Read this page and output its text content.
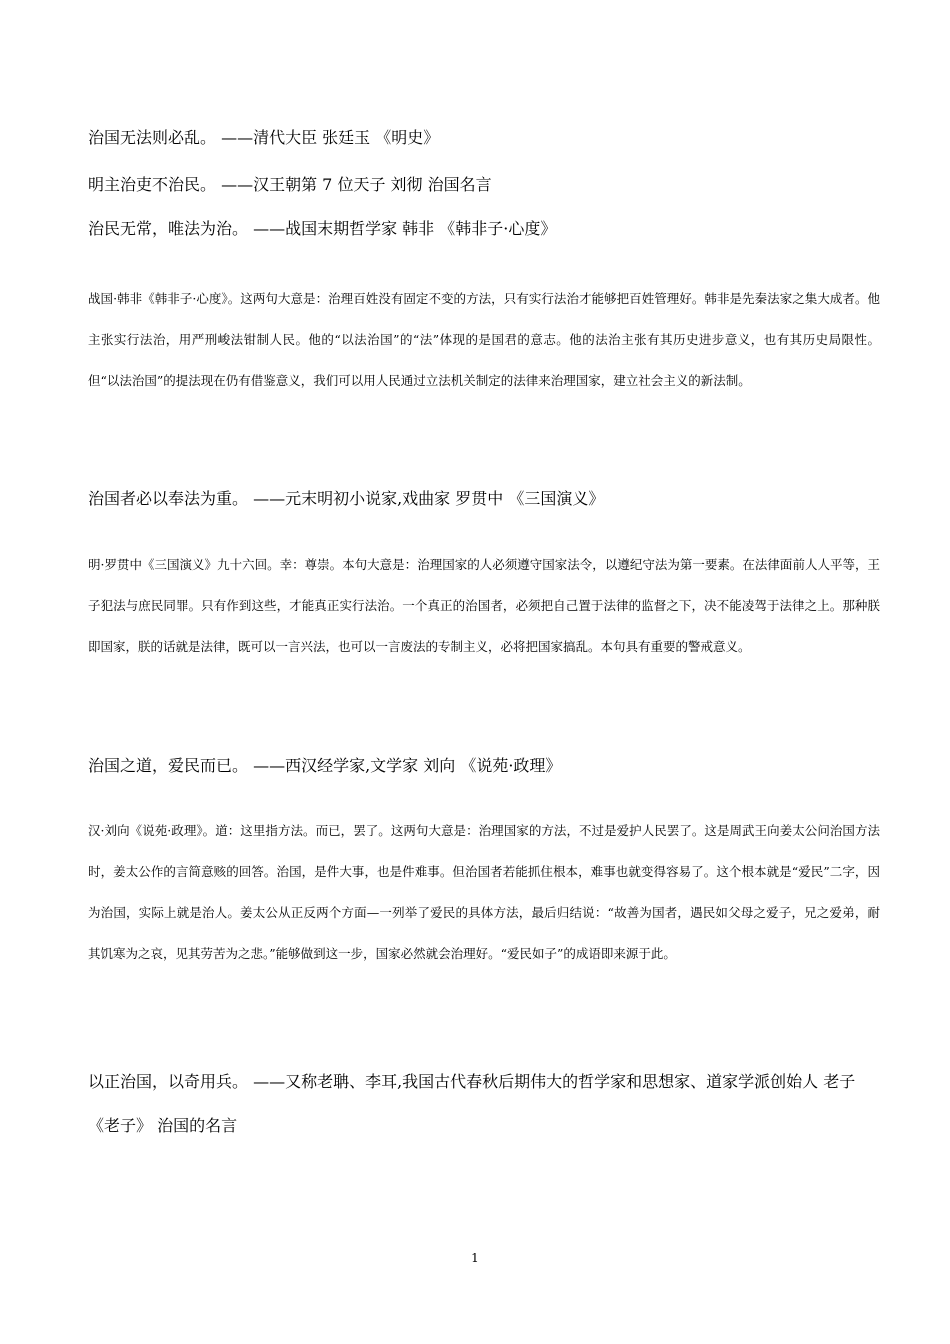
治国无法则必乱。 ——清代大臣 张廷玉 《明史》
明主治吏不治民。 ——汉王朝第 7 位天子 刘彻 治国名言
治民无常，唯法为治。 ——战国末期哲学家 韩非 《韩非子·心度》
战国·韩非《韩非子·心度》。这两句大意是：治理百姓没有固定不变的方法，只有实行法治才能够把百姓管理好。韩非是先秦法家之集大成者。他主张实行法治，用严刑峻法钳制人民。他的“以法治国”的“法”体现的是国君的意志。他的法治主张有其历史进步意义，也有其历史局限性。但“以法治国”的提法现在仍有借鉴意义，我们可以用人民通过立法机关制定的法律来治理国家，建立社会主义的新法制。
治国者必以奉法为重。 ——元末明初小说家,戏曲家 罗贯中 《三国演义》
明·罗贯中《三国演义》九十六回。幸：尊崇。本句大意是：治理国家的人必须遵守国家法令，以遵纪守法为第一要素。在法律面前人人平等，王子犯法与庶民同罪。只有作到这些，才能真正实行法治。一个真正的治国者，必须把自己置于法律的监督之下，决不能凌驾于法律之上。那种朕即国家，朕的话就是法律，既可以一言兴法，也可以一言废法的专制主义，必将把国家搞乱。本句具有重要的警戒意义。
治国之道，爱民而已。 ——西汉经学家,文学家 刘向 《说苑·政理》
汉·刘向《说苑·政理》。道：这里指方法。而已，罢了。这两句大意是：治理国家的方法，不过是爱护人民罢了。这是周武王向姜太公问治国方法时，姜太公作的言简意赅的回答。治国，是件大事，也是件难事。但治国者若能抓住根本，难事也就变得容易了。这个根本就是“爱民”二字，因为治国，实际上就是治人。姜太公从正反两个方面—一列举了爱民的具体方法，最后归结说：“故善为国者，遇民如父母之爱子，兄之爱弟，耐其饥寒为之哀，见其劳苦为之悲。”能够做到这一步，国家必然就会治理好。“爱民如子”的成语即来源于此。
以正治国，以奇用兵。 ——又称老聃、李耳,我国古代春秋后期伟大的哲学家和思想家、道家学派创始人 老子 《老子》 治国的名言
1
